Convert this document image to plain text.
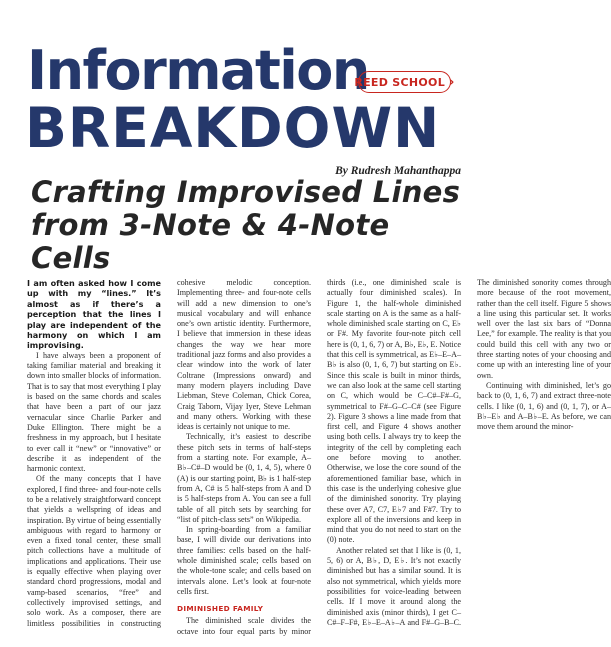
Information
REED SCHOOL ›
BREAKDOWN

By Rudresh Mahanthappa

Crafting Improvised Lines from 3-Note & 4-Note Cells

I am often asked how I come up with my “lines.” It’s almost as if there’s a perception that the lines I play are independent of the harmony on which I am improvising.

I have always been a proponent of taking familiar material and breaking it down into smaller blocks of information. That is to say that most everything I play is based on the same chords and scales that have been a part of our jazz vernacular since Charlie Parker and Duke Ellington. There might be a freshness in my approach, but I hesitate to ever call it “new” or “innovative” or describe it as independent of the harmonic context.

Of the many concepts that I have explored, I find three- and four-note cells to be a relatively straightforward concept that yields a wellspring of ideas and inspiration. By virtue of being essentially ambiguous with regard to harmony or even a fixed tonal center, these small pitch collections have a multitude of implications and applications. Their use is equally effective when playing over standard chord progressions, modal and vamp-based scenarios, “free” and collectively improvised settings, and solo work. As a composer, there are limitless possibilities in constructing cohesive melodic conception. Implementing three- and four-note cells will add a new dimension to one’s musical vocabulary and will enhance one’s own artistic identity. Furthermore, I believe that immersion in these ideas changes the way we hear more traditional jazz forms and also provides a clear window into the work of later Coltrane (Impressions onward) and many modern players including Dave Liebman, Steve Coleman, Chick Corea, Craig Taborn, Vijay Iyer, Steve Lehman and many others. Working with these ideas is certainly not unique to me.

Technically, it’s easiest to describe these pitch sets in terms of half-steps from a starting note. For example, A–B♭–C#–D would be (0, 1, 4, 5), where 0 (A) is our starting point, B♭ is 1 half-step from A, C# is 5 half-steps from A and D is 5 half-steps from A. You can see a full table of all pitch sets by searching for “list of pitch-class sets” on Wikipedia.

In spring-boarding from a familiar base, I will divide our derivations into three families: cells based on the half-whole diminished scale; cells based on the whole-tone scale; and cells based on intervals alone. Let’s look at four-note cells first.

DIMINISHED FAMILY

The diminished scale divides the octave into four equal parts by minor thirds (i.e., one diminished scale is actually four diminished scales). In Figure 1, the half-whole diminished scale starting on A is the same as a half-whole diminished scale starting on C, E♭ or F#. My favorite four-note pitch cell here is (0, 1, 6, 7) or A, B♭, E♭, E. Notice that this cell is symmetrical, as E♭–E–A–B♭ is also (0, 1, 6, 7) but starting on E♭. Since this scale is built in minor thirds, we can also look at the same cell starting on C, which would be C–C#–F#–G, symmetrical to F#–G–C–C# (see Figure 2). Figure 3 shows a line made from that first cell, and Figure 4 shows another using both cells. I always try to keep the integrity of the cell by completing each one before moving to another. Otherwise, we lose the core sound of the aforementioned familiar base, which in this case is the underlying cohesive glue of the diminished sonority. Try playing these over A7, C7, E♭7 and F#7. Try to explore all of the inversions and keep in mind that you do not need to start on the (0) note.

Another related set that I like is (0, 1, 5, 6) or A, B♭, D, E♭. It’s not exactly diminished but has a similar sound. It is also not symmetrical, which yields more possibilities for voice-leading between cells. If I move it around along the diminished axis (minor thirds), I get C–C#–F–F#, E♭–E–A♭–A and F#–G–B–C. The diminished sonority comes through more because of the root movement, rather than the cell itself. Figure 5 shows a line using this particular set. It works well over the last six bars of “Donna Lee,” for example. The reality is that you could build this cell with any two or three starting notes of your choosing and come up with an interesting line of your own.

Continuing with diminished, let’s go back to (0, 1, 6, 7) and extract three-note cells. I like (0, 1, 6) and (0, 1, 7), or A–B♭–E♭ and A–B♭–E. As before, we can move them around the minor-
